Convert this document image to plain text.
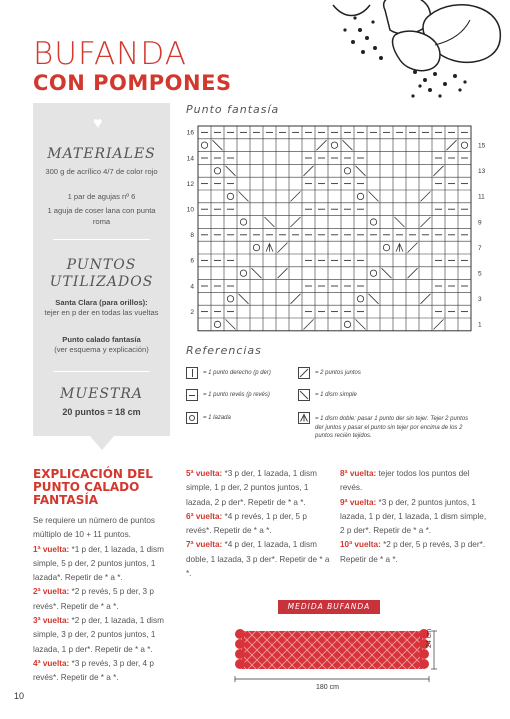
BUFANDA
CON POMPONES
♥
MATERIALES
300 g de acrílico 4/7 de color rojo
1 par de agujas nº 6
1 aguja de coser lana con punta roma
PUNTOS
UTILIZADOS
Santa Clara (para orillos):
tejer en p der en todas las vueltas
Punto calado fantasía
(ver esquema y explicación)
MUESTRA
20 puntos = 18 cm
Punto fantasía
16
14
12
10
8
6
4
2
15
13
11
9
7
5
3
1
Referencias
= 1 punto derecho (p der)	= 2 puntos juntos
= 1 punto revés (p revés)	= 1 dism simple
= 1 lazada	= 1 dism doble: pasar 1 punto der sin tejer. Tejer 2 puntos der juntos y pasar el punto sin tejer por encima de los 2 puntos recién tejidos.
EXPLICACIÓN DEL PUNTO CALADO FANTASÍA
Se requiere un número de puntos múltiplo de 10 + 11 puntos.
1ª vuelta: *1 p der, 1 lazada, 1 dism simple, 5 p der, 2 puntos juntos, 1 lazada*. Repetir de * a *.
2ª vuelta: *2 p revés, 5 p der, 3 p revés*. Repetir de * a *.
3ª vuelta: *2 p der, 1 lazada, 1 dism simple, 3 p der, 2 puntos juntos, 1 lazada, 1 p der*. Repetir de * a *.
4ª vuelta: *3 p revés, 3 p der, 4 p revés*. Repetir de * a *.
5ª vuelta: *3 p der, 1 lazada, 1 dism simple, 1 p der, 2 puntos juntos, 1 lazada, 2 p der*. Repetir de * a *.
6ª vuelta: *4 p revés, 1 p der, 5 p revés*. Repetir de * a *.
7ª vuelta: *4 p der, 1 lazada, 1 dism doble, 1 lazada, 3 p der*. Repetir de * a *.
8ª vuelta: tejer todos los puntos del revés.
9ª vuelta: *3 p der, 2 puntos juntos, 1 lazada, 1 p der, 1 lazada, 1 dism simple, 2 p der*. Repetir de * a *.
10ª vuelta: *2 p der, 5 p revés, 3 p der*. Repetir de * a *.
MEDIDA BUFANDA
180 cm
24 cm
10
